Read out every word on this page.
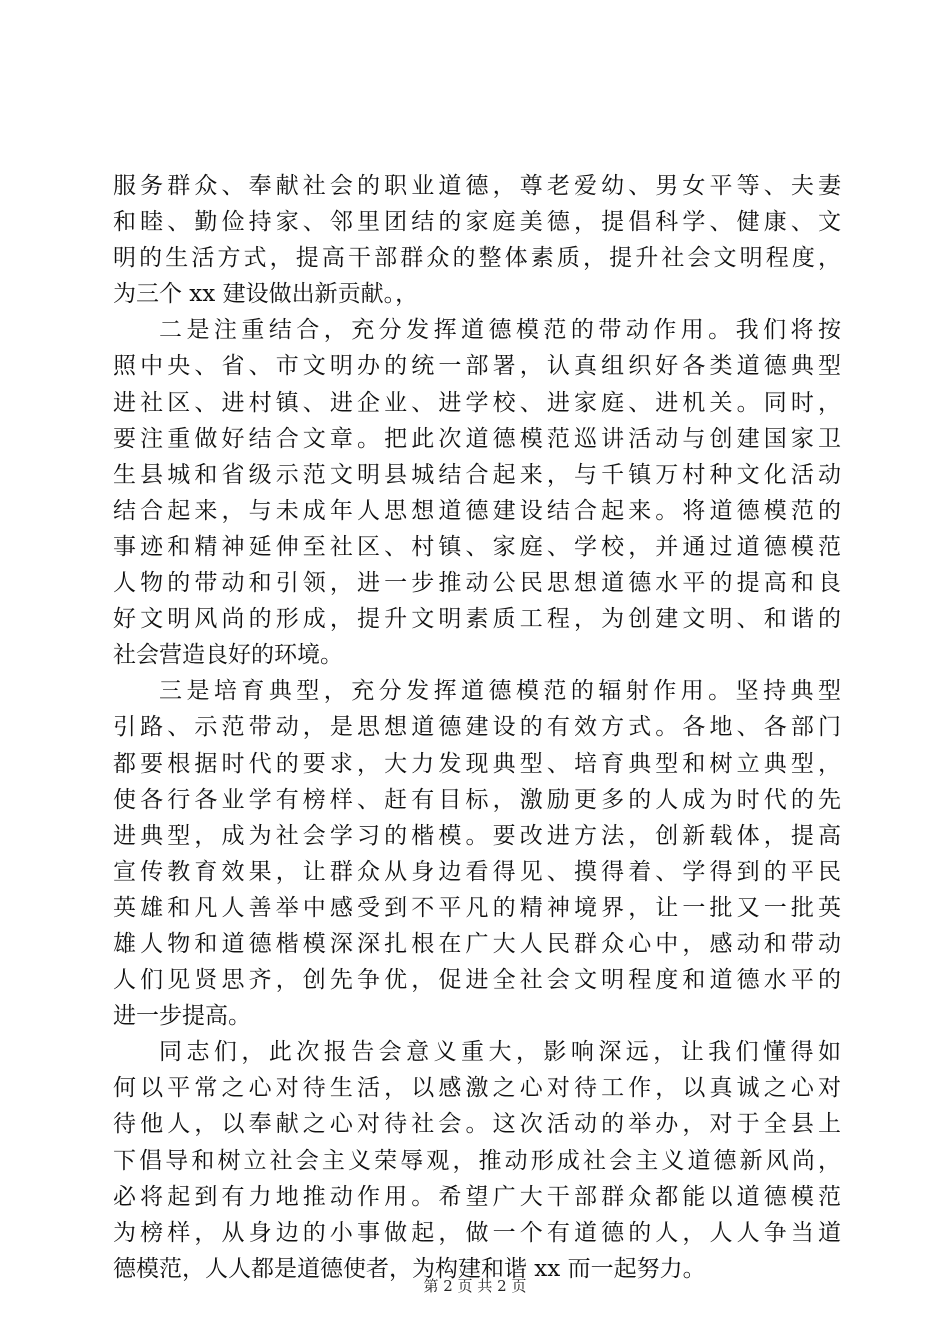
服务群众、奉献社会的职业道德，尊老爱幼、男女平等、夫妻
和睦、勤俭持家、邻里团结的家庭美德，提倡科学、健康、文
明的生活方式，提高干部群众的整体素质，提升社会文明程度，
为三个 xx 建设做出新贡献。，
二是注重结合，充分发挥道德模范的带动作用。我们将按
照中央、省、市文明办的统一部署，认真组织好各类道德典型
进社区、进村镇、进企业、进学校、进家庭、进机关。同时，
要注重做好结合文章。把此次道德模范巡讲活动与创建国家卫
生县城和省级示范文明县城结合起来，与千镇万村种文化活动
结合起来，与未成年人思想道德建设结合起来。将道德模范的
事迹和精神延伸至社区、村镇、家庭、学校，并通过道德模范
人物的带动和引领，进一步推动公民思想道德水平的提高和良
好文明风尚的形成，提升文明素质工程，为创建文明、和谐的
社会营造良好的环境。
三是培育典型，充分发挥道德模范的辐射作用。坚持典型
引路、示范带动，是思想道德建设的有效方式。各地、各部门
都要根据时代的要求，大力发现典型、培育典型和树立典型，
使各行各业学有榜样、赶有目标，激励更多的人成为时代的先
进典型，成为社会学习的楷模。要改进方法，创新载体，提高
宣传教育效果，让群众从身边看得见、摸得着、学得到的平民
英雄和凡人善举中感受到不平凡的精神境界，让一批又一批英
雄人物和道德楷模深深扎根在广大人民群众心中，感动和带动
人们见贤思齐，创先争优，促进全社会文明程度和道德水平的
进一步提高。
同志们，此次报告会意义重大，影响深远，让我们懂得如
何以平常之心对待生活，以感激之心对待工作，以真诚之心对
待他人，以奉献之心对待社会。这次活动的举办，对于全县上
下倡导和树立社会主义荣辱观，推动形成社会主义道德新风尚，
必将起到有力地推动作用。希望广大干部群众都能以道德模范
为榜样，从身边的小事做起，做一个有道德的人，人人争当道
德模范，人人都是道德使者，为构建和谐 xx 而一起努力。
第 2 页 共 2 页
